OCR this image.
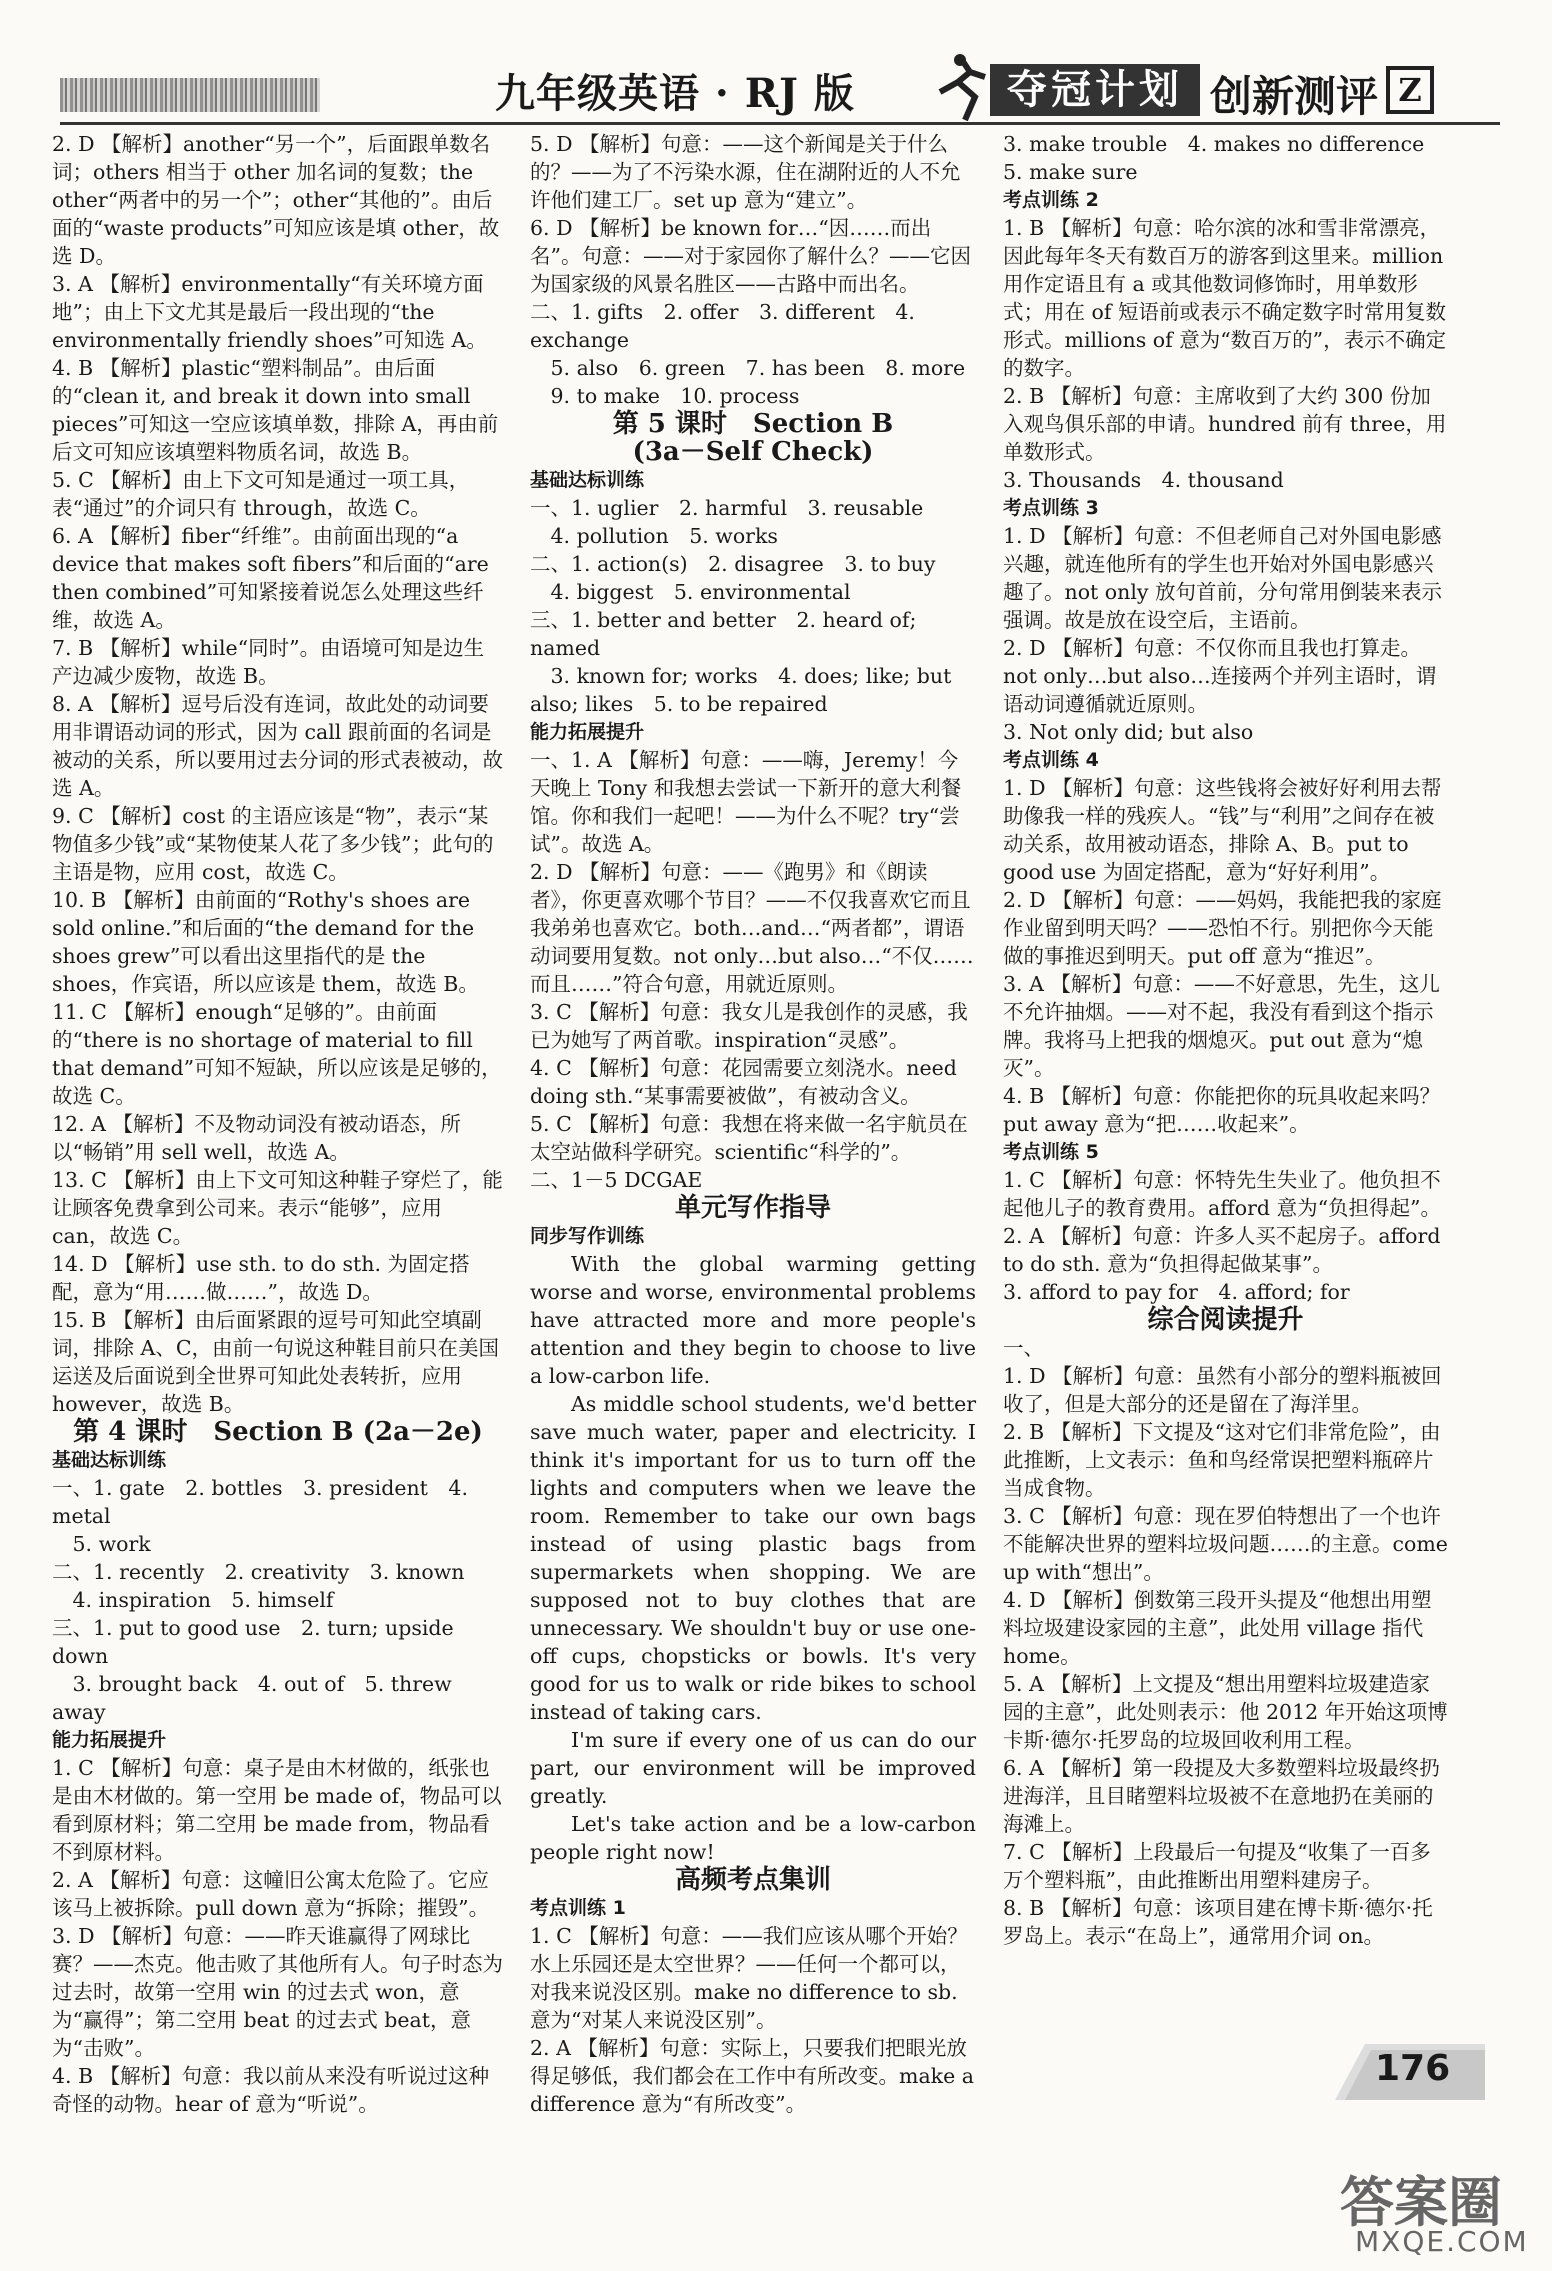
九年级英语 · RJ 版	夺冠计划 创新测评 Z

2. D 【解析】another“另一个”，后面跟单数名词；others 相当于 other 加名词的复数；the other“两者中的另一个”；other“其他的”。由后面的“waste products”可知应该是填 other，故选 D。

3. A 【解析】environmentally“有关环境方面地”；由上下文尤其是最后一段出现的“the environmentally friendly shoes”可知选 A。

4. B 【解析】plastic“塑料制品”。由后面的“clean it, and break it down into small pieces”可知这一空应该填单数，排除 A，再由前后文可知应该填塑料物质名词，故选 B。

5. C 【解析】由上下文可知是通过一项工具，表“通过”的介词只有 through，故选 C。

6. A 【解析】fiber“纤维”。由前面出现的“a device that makes soft fibers”和后面的“are then combined”可知紧接着说怎么处理这些纤维，故选 A。

7. B 【解析】while“同时”。由语境可知是边生产边减少废物，故选 B。

8. A 【解析】逗号后没有连词，故此处的动词要用非谓语动词的形式，因为 call 跟前面的名词是被动的关系，所以要用过去分词的形式表被动，故选 A。

9. C 【解析】cost 的主语应该是“物”，表示“某物值多少钱”或“某物使某人花了多少钱”；此句的主语是物，应用 cost，故选 C。

10. B 【解析】由前面的“Rothy's shoes are sold online.”和后面的“the demand for the shoes grew”可以看出这里指代的是 the shoes，作宾语，所以应该是 them，故选 B。

11. C 【解析】enough“足够的”。由前面的“there is no shortage of material to fill that demand”可知不短缺，所以应该是足够的，故选 C。

12. A 【解析】不及物动词没有被动语态，所以“畅销”用 sell well，故选 A。

13. C 【解析】由上下文可知这种鞋子穿烂了，能让顾客免费拿到公司来。表示“能够”，应用 can，故选 C。

14. D 【解析】use sth. to do sth. 为固定搭配，意为“用……做……”，故选 D。

15. B 【解析】由后面紧跟的逗号可知此空填副词，排除 A、C，由前一句说这种鞋目前只在美国运送及后面说到全世界可知此处表转折，应用 however，故选 B。

第 4 课时　Section B (2a－2e)

基础达标训练

一、1. gate　2. bottles　3. president　4. metal

　5. work

二、1. recently　2. creativity　3. known

　4. inspiration　5. himself

三、1. put to good use　2. turn; upside down

　3. brought back　4. out of　5. threw away

能力拓展提升

1. C 【解析】句意：桌子是由木材做的，纸张也是由木材做的。第一空用 be made of，物品可以看到原材料；第二空用 be made from，物品看不到原材料。

2. A 【解析】句意：这幢旧公寓太危险了。它应该马上被拆除。pull down 意为“拆除；摧毁”。

3. D 【解析】句意：——昨天谁赢得了网球比赛？——杰克。他击败了其他所有人。句子时态为过去时，故第一空用 win 的过去式 won，意为“赢得”；第二空用 beat 的过去式 beat，意为“击败”。

4. B 【解析】句意：我以前从来没有听说过这种奇怪的动物。hear of 意为“听说”。

5. D 【解析】句意：——这个新闻是关于什么的？——为了不污染水源，住在湖附近的人不允许他们建工厂。set up 意为“建立”。

6. D 【解析】be known for…“因……而出名”。句意：——对于家园你了解什么？——它因为国家级的风景名胜区——古路中而出名。

二、1. gifts　2. offer　3. different　4. exchange

　5. also　6. green　7. has been　8. more

　9. to make　10. process

第 5 课时　Section B

(3a－Self Check)

基础达标训练

一、1. uglier　2. harmful　3. reusable

　4. pollution　5. works

二、1. action(s)　2. disagree　3. to buy

　4. biggest　5. environmental

三、1. better and better　2. heard of; named

　3. known for; works　4. does; like; but also; likes　5. to be repaired

能力拓展提升

一、1. A 【解析】句意：——嗨，Jeremy！今天晚上 Tony 和我想去尝试一下新开的意大利餐馆。你和我们一起吧！——为什么不呢？try“尝试”。故选 A。

2. D 【解析】句意：——《跑男》和《朗读者》，你更喜欢哪个节目？——不仅我喜欢它而且我弟弟也喜欢它。both…and…“两者都”，谓语动词要用复数。not only…but also…“不仅……而且……”符合句意，用就近原则。

3. C 【解析】句意：我女儿是我创作的灵感，我已为她写了两首歌。inspiration“灵感”。

4. C 【解析】句意：花园需要立刻浇水。need doing sth.“某事需要被做”，有被动含义。

5. C 【解析】句意：我想在将来做一名宇航员在太空站做科学研究。scientific“科学的”。

二、1－5 DCGAE

单元写作指导

同步写作训练

With the global warming getting worse and worse, environmental problems have attracted more and more people's attention and they begin to choose to live a low-carbon life.

As middle school students, we'd better save much water, paper and electricity. I think it's important for us to turn off the lights and computers when we leave the room. Remember to take our own bags instead of using plastic bags from supermarkets when shopping. We are supposed not to buy clothes that are unnecessary. We shouldn't buy or use one-off cups, chopsticks or bowls. It's very good for us to walk or ride bikes to school instead of taking cars.

I'm sure if every one of us can do our part, our environment will be improved greatly.

Let's take action and be a low-carbon people right now!

高频考点集训

考点训练 1

1. C 【解析】句意：——我们应该从哪个开始？水上乐园还是太空世界？——任何一个都可以，对我来说没区别。make no difference to sb. 意为“对某人来说没区别”。

2. A 【解析】句意：实际上，只要我们把眼光放得足够低，我们都会在工作中有所改变。make a difference 意为“有所改变”。

3. make trouble　4. makes no difference

5. make sure

考点训练 2

1. B 【解析】句意：哈尔滨的冰和雪非常漂亮，因此每年冬天有数百万的游客到这里来。million 用作定语且有 a 或其他数词修饰时，用单数形式；用在 of 短语前或表示不确定数字时常用复数形式。millions of 意为“数百万的”，表示不确定的数字。

2. B 【解析】句意：主席收到了大约 300 份加入观鸟俱乐部的申请。hundred 前有 three，用单数形式。

3. Thousands　4. thousand

考点训练 3

1. D 【解析】句意：不但老师自己对外国电影感兴趣，就连他所有的学生也开始对外国电影感兴趣了。not only 放句首前，分句常用倒装来表示强调。故是放在设空后，主语前。

2. D 【解析】句意：不仅你而且我也打算走。not only…but also…连接两个并列主语时，谓语动词遵循就近原则。

3. Not only did; but also

考点训练 4

1. D 【解析】句意：这些钱将会被好好利用去帮助像我一样的残疾人。“钱”与“利用”之间存在被动关系，故用被动语态，排除 A、B。put to good use 为固定搭配，意为“好好利用”。

2. D 【解析】句意：——妈妈，我能把我的家庭作业留到明天吗？——恐怕不行。别把你今天能做的事推迟到明天。put off 意为“推迟”。

3. A 【解析】句意：——不好意思，先生，这儿不允许抽烟。——对不起，我没有看到这个指示牌。我将马上把我的烟熄灭。put out 意为“熄灭”。

4. B 【解析】句意：你能把你的玩具收起来吗？put away 意为“把……收起来”。

考点训练 5

1. C 【解析】句意：怀特先生失业了。他负担不起他儿子的教育费用。afford 意为“负担得起”。

2. A 【解析】句意：许多人买不起房子。afford to do sth. 意为“负担得起做某事”。

3. afford to pay for　4. afford; for

综合阅读提升

一、

1. D 【解析】句意：虽然有小部分的塑料瓶被回收了，但是大部分的还是留在了海洋里。

2. B 【解析】下文提及“这对它们非常危险”，由此推断，上文表示：鱼和鸟经常误把塑料瓶碎片当成食物。

3. C 【解析】句意：现在罗伯特想出了一个也许不能解决世界的塑料垃圾问题……的主意。come up with“想出”。

4. D 【解析】倒数第三段开头提及“他想出用塑料垃圾建设家园的主意”，此处用 village 指代 home。

5. A 【解析】上文提及“想出用塑料垃圾建造家园的主意”，此处则表示：他 2012 年开始这项博卡斯·德尔·托罗岛的垃圾回收利用工程。

6. A 【解析】第一段提及大多数塑料垃圾最终扔进海洋，且目睹塑料垃圾被不在意地扔在美丽的海滩上。

7. C 【解析】上段最后一句提及“收集了一百多万个塑料瓶”，由此推断出用塑料建房子。

8. B 【解析】句意：该项目建在博卡斯·德尔·托罗岛上。表示“在岛上”，通常用介词 on。

176
答案圈
MXQE.COM
